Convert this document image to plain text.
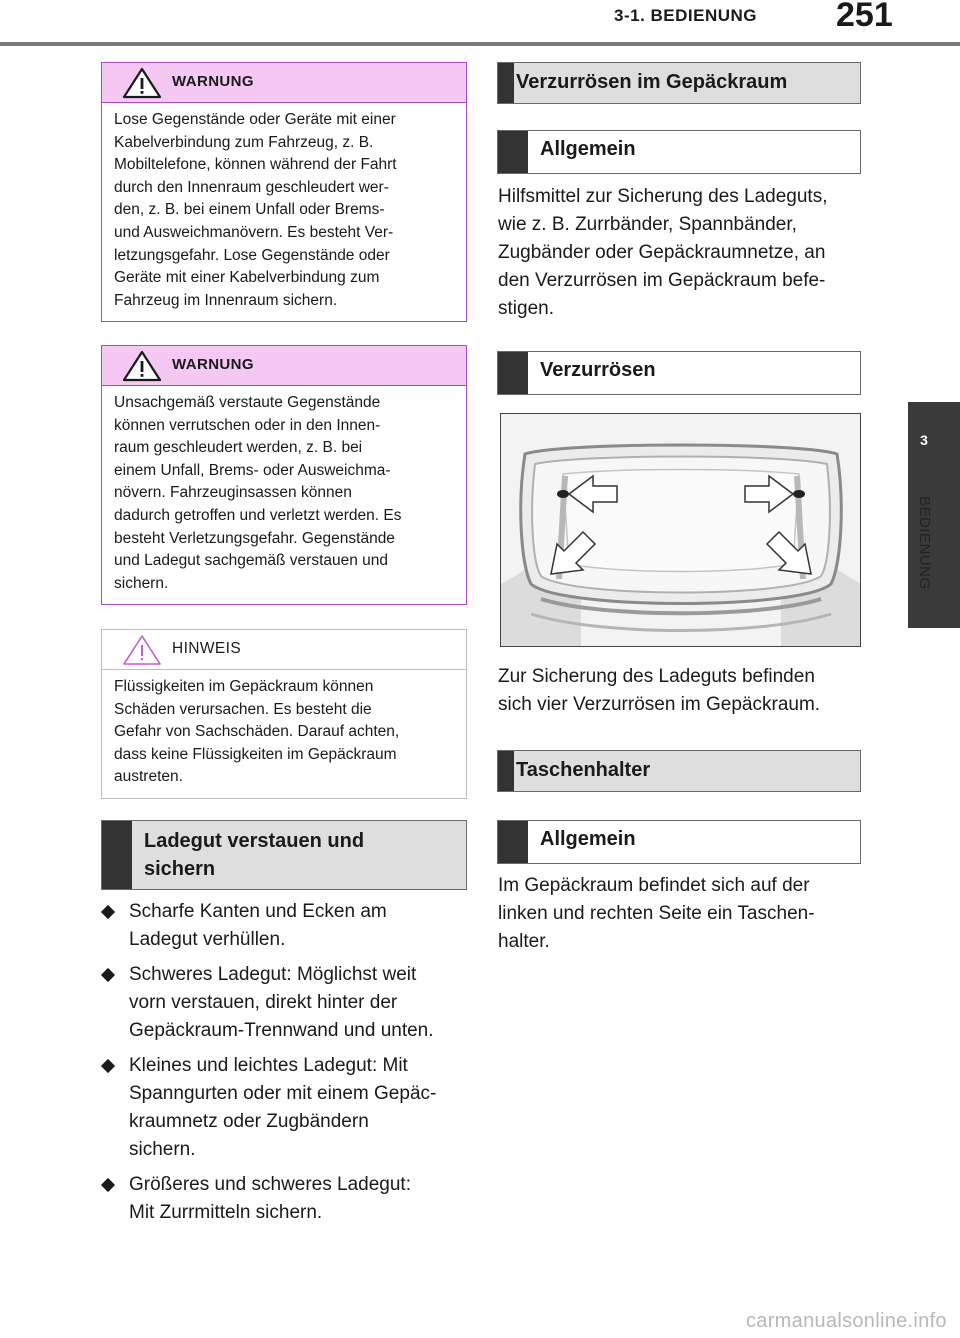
3-1. BEDIENUNG 251
3
BEDIENUNG
WARNUNG
Lose Gegenstände oder Geräte mit einer
Kabelverbindung zum Fahrzeug, z. B.
Mobiltelefone, können während der Fahrt
durch den Innenraum geschleudert wer-
den, z. B. bei einem Unfall oder Brems-
und Ausweichmanövern. Es besteht Ver-
letzungsgefahr. Lose Gegenstände oder
Geräte mit einer Kabelverbindung zum
Fahrzeug im Innenraum sichern.
WARNUNG
Unsachgemäß verstaute Gegenstände
können verrutschen oder in den Innen-
raum geschleudert werden, z. B. bei
einem Unfall, Brems- oder Ausweichma-
növern. Fahrzeuginsassen können
dadurch getroffen und verletzt werden. Es
besteht Verletzungsgefahr. Gegenstände
und Ladegut sachgemäß verstauen und
sichern.
HINWEIS
Flüssigkeiten im Gepäckraum können
Schäden verursachen. Es besteht die
Gefahr von Sachschäden. Darauf achten,
dass keine Flüssigkeiten im Gepäckraum
austreten.
Ladegut verstauen und
sichern
Scharfe Kanten und Ecken am
Ladegut verhüllen.
Schweres Ladegut: Möglichst weit
vorn verstauen, direkt hinter der
Gepäckraum-Trennwand und unten.
Kleines und leichtes Ladegut: Mit
Spanngurten oder mit einem Gepäc-
kraumnetz oder Zugbändern
sichern.
Größeres und schweres Ladegut:
Mit Zurrmitteln sichern.
Verzurrösen im Gepäckraum
Allgemein
Hilfsmittel zur Sicherung des Ladeguts,
wie z. B. Zurrbänder, Spannbänder,
Zugbänder oder Gepäckraumnetze, an
den Verzurrösen im Gepäckraum befe-
stigen.
Verzurrösen
Zur Sicherung des Ladeguts befinden
sich vier Verzurrösen im Gepäckraum.
Taschenhalter
Allgemein
Im Gepäckraum befindet sich auf der
linken und rechten Seite ein Taschen-
halter.
carmanualsonline.info
